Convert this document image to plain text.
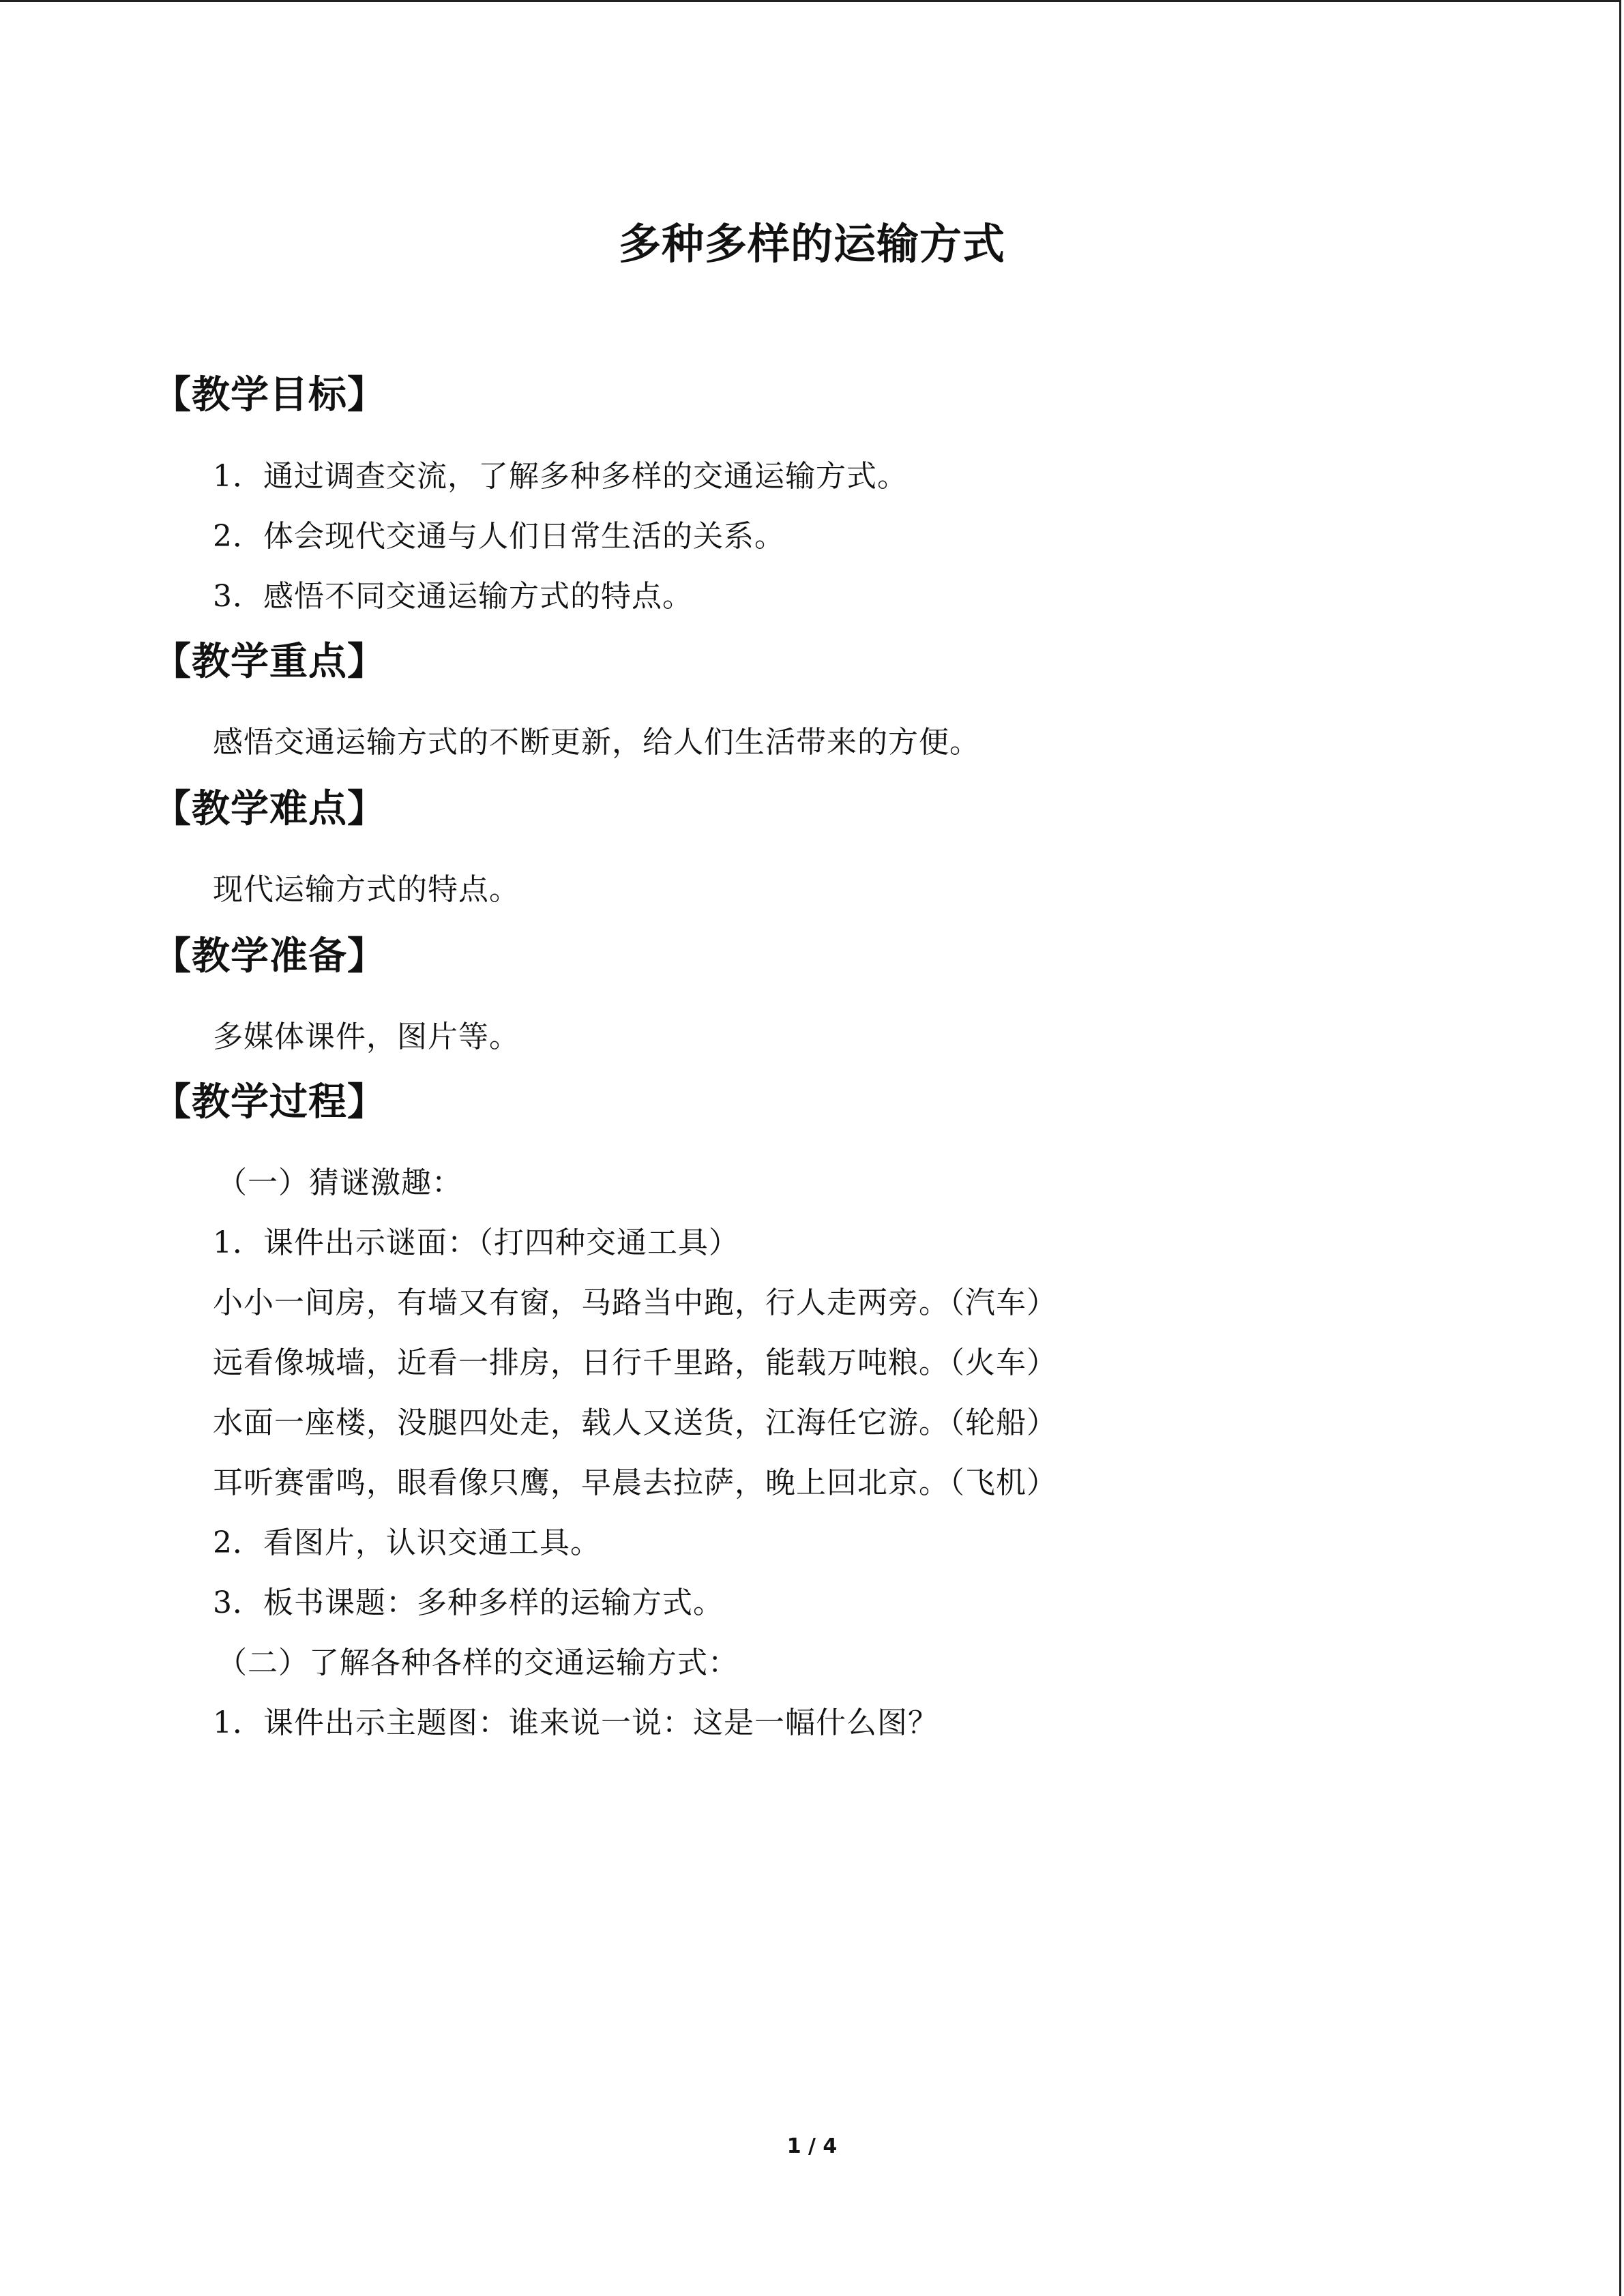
多种多样的运输方式
【教学目标】
1．通过调查交流，了解多种多样的交通运输方式。
2．体会现代交通与人们日常生活的关系。
3．感悟不同交通运输方式的特点。
【教学重点】
感悟交通运输方式的不断更新，给人们生活带来的方便。
【教学难点】
现代运输方式的特点。
【教学准备】
多媒体课件，图片等。
【教学过程】
（一）猜谜激趣：
1．课件出示谜面：（打四种交通工具）
小小一间房，有墙又有窗，马路当中跑，行人走两旁。（汽车）
远看像城墙，近看一排房，日行千里路，能载万吨粮。（火车）
水面一座楼，没腿四处走，载人又送货，江海任它游。（轮船）
耳听赛雷鸣，眼看像只鹰，早晨去拉萨，晚上回北京。（飞机）
2．看图片，认识交通工具。
3．板书课题：多种多样的运输方式。
（二）了解各种各样的交通运输方式：
1．课件出示主题图：谁来说一说：这是一幅什么图？
1 / 4
